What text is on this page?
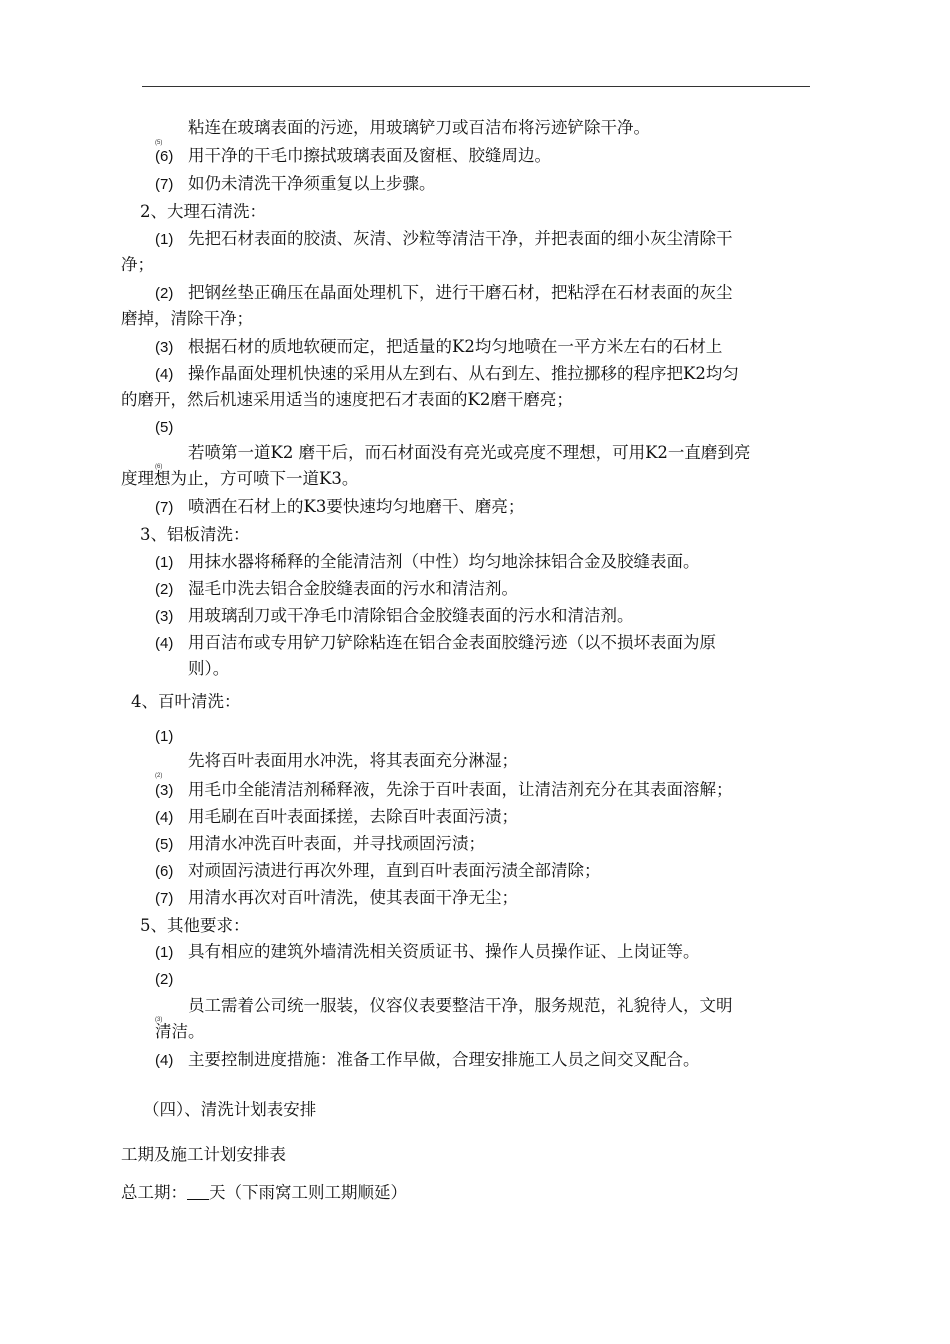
(5)
粘连在玻璃表面的污迹，用玻璃铲刀或百洁布将污迹铲除干净。
(6) 用干净的干毛巾擦拭玻璃表面及窗框、胶缝周边。
(7) 如仍未清洗干净须重复以上步骤。
2、大理石清洗：
(1) 先把石材表面的胶渍、灰清、沙粒等清洁干净，并把表面的细小灰尘清除干
净；
(2) 把钢丝垫正确压在晶面处理机下，进行干磨石材，把粘浮在石材表面的灰尘
磨掉，清除干净；
(3) 根据石材的质地软硬而定，把适量的K2均匀地喷在一平方米左右的石材上
(4) 操作晶面处理机快速的采用从左到右、从右到左、推拉挪移的程序把K2均匀
的磨开，然后机速采用适当的速度把石才表面的K2磨干磨亮；
(5)
若喷第一道K2 磨干后，而石材面没有亮光或亮度不理想，可用K2一直磨到亮
(6)
度理想为止，方可喷下一道K3。
(7) 喷洒在石材上的K3要快速均匀地磨干、磨亮；
3、铝板清洗：
(1) 用抹水器将稀释的全能清洁剂（中性）均匀地涂抹铝合金及胶缝表面。
(2) 湿毛巾洗去铝合金胶缝表面的污水和清洁剂。
(3) 用玻璃刮刀或干净毛巾清除铝合金胶缝表面的污水和清洁剂。
(4) 用百洁布或专用铲刀铲除粘连在铝合金表面胶缝污迹（以不损坏表面为原
则）。
4、百叶清洗：
(1)
先将百叶表面用水冲洗，将其表面充分淋湿；
(2)
(3) 用毛巾全能清洁剂稀释液，先涂于百叶表面，让清洁剂充分在其表面溶解；
(4) 用毛刷在百叶表面揉搓，去除百叶表面污渍；
(5) 用清水冲洗百叶表面，并寻找顽固污渍；
(6) 对顽固污渍进行再次外理，直到百叶表面污渍全部清除；
(7) 用清水再次对百叶清洗，使其表面干净无尘；
5、其他要求：
(1) 具有相应的建筑外墙清洗相关资质证书、操作人员操作证、上岗证等。
(2)
员工需着公司统一服装，仪容仪表要整洁干净，服务规范，礼貌待人，文明
(3)
清洁。
(4) 主要控制进度措施：准备工作早做，合理安排施工人员之间交叉配合。
（四）、清洗计划表安排
工期及施工计划安排表
总工期： 天（下雨窝工则工期顺延）
